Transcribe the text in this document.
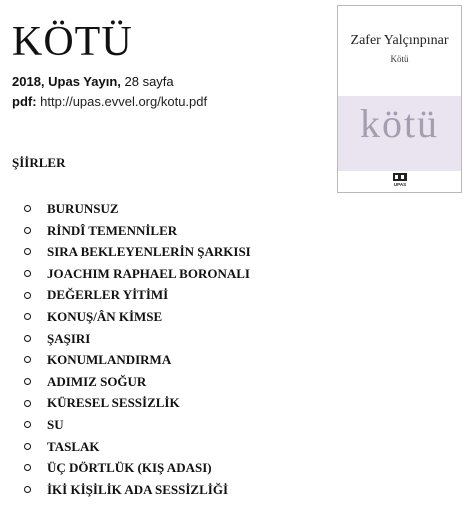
KÖTÜ
2018, Upas Yayın, 28 sayfa
pdf: http://upas.evvel.org/kotu.pdf
Zafer Yalçınpınar
Kötü
kötü
UPAS
ŞİİRLER
BURUNSUZ
RİNDÎ TEMENNİLER
SIRA BEKLEYENLERİN ŞARKISI
JOACHIM RAPHAEL BORONALI
DEĞERLER YİTİMİ
KONUŞ/ÂN KİMSE
ŞAŞIRI
KONUMLANDIRMA
ADIMIZ SOĞUR
KÜRESEL SESSİZLİK
SU
TASLAK
ÜÇ DÖRTLÜK (KIŞ ADASI)
İKİ KİŞİLİK ADA SESSİZLİĞİ
